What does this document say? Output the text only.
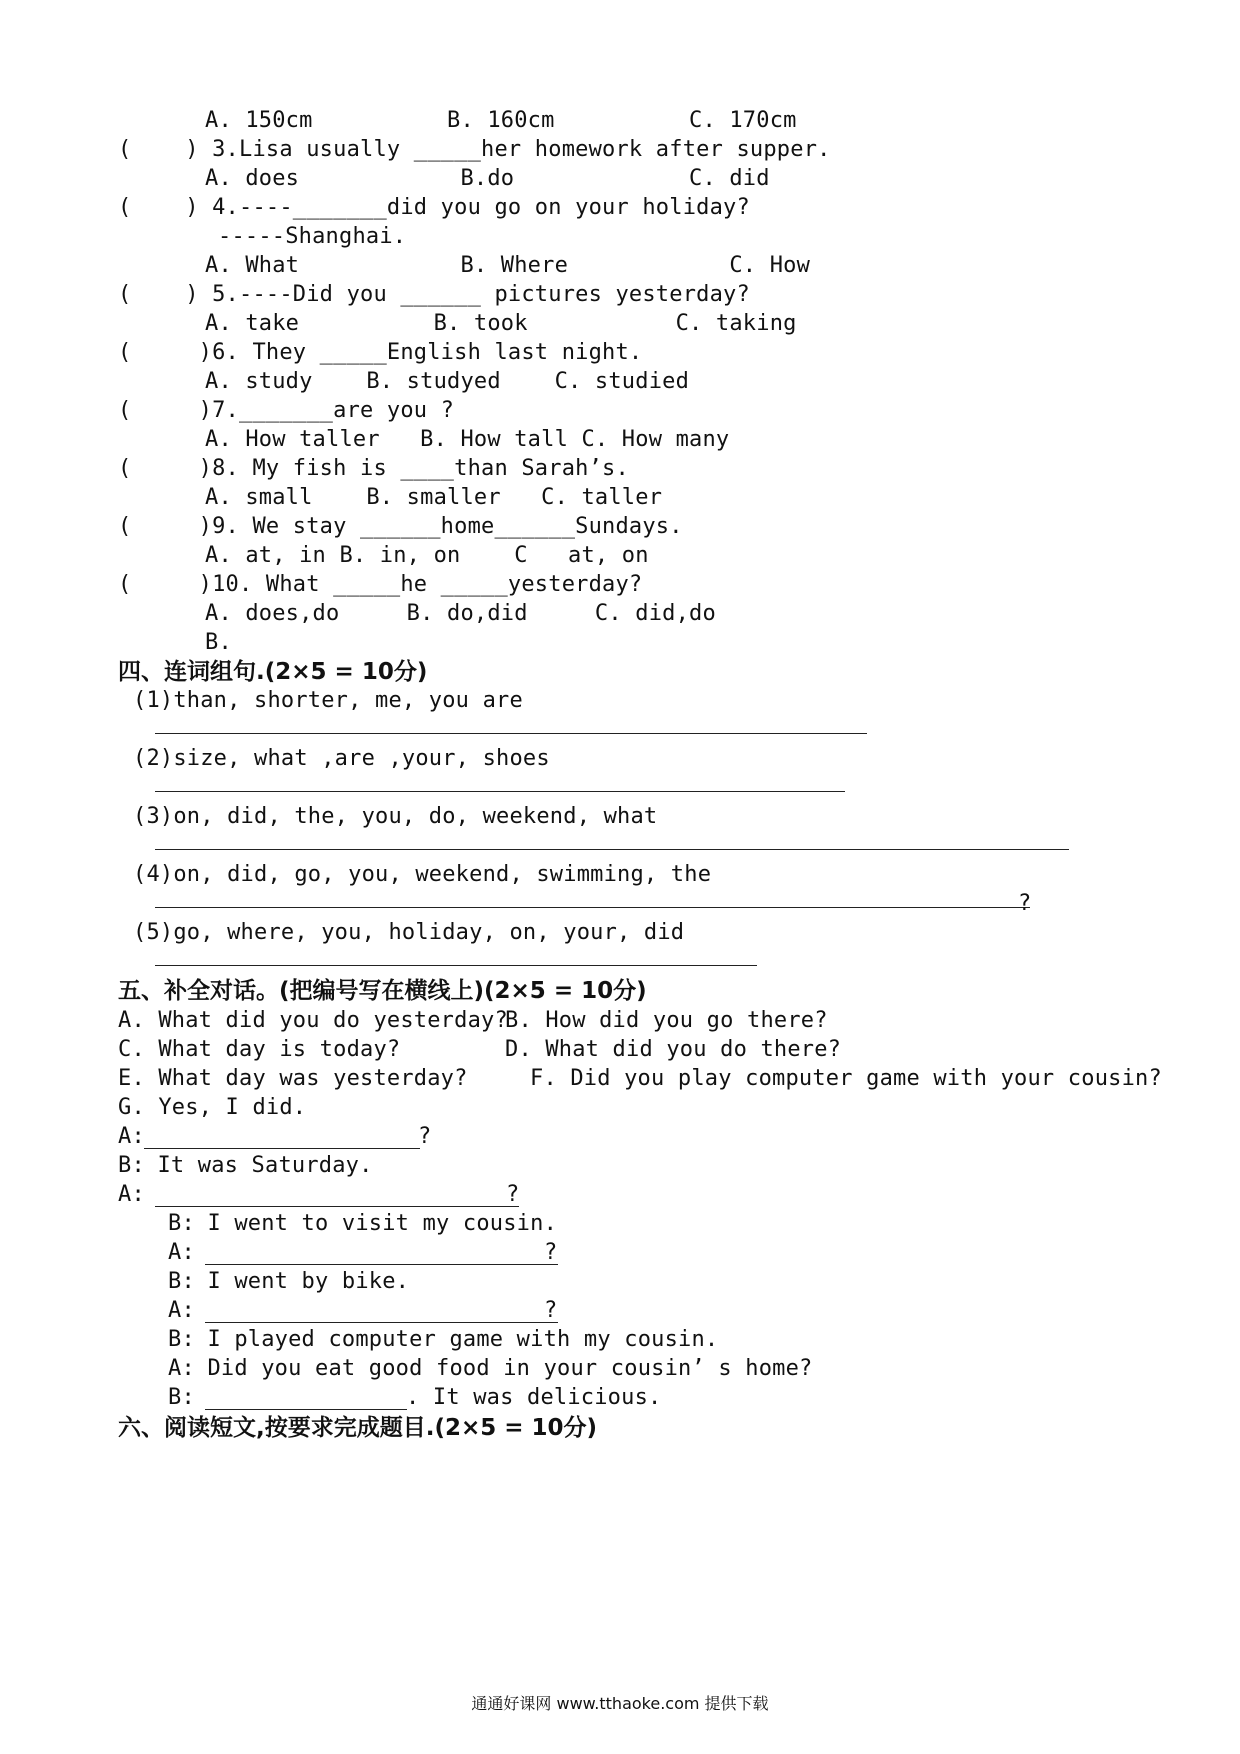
A. 150cm          B. 160cm          C. 170cm
(    ) 3.Lisa usually _____her homework after supper.
A. does            B.do             C. did
(    ) 4.----_______did you go on your holiday?
-----Shanghai.
A. What            B. Where            C. How
(    ) 5.----Did you ______ pictures yesterday?
A. take          B. took           C. taking
(     )6. They _____English last night.
A. study    B. studyed    C. studied
(     )7._______are you ?
A. How taller   B. How tall C. How many
(     )8. My fish is ____than Sarah’s.
A. small    B. smaller   C. taller
(     )9. We stay ______home______Sundays.
A. at, in B. in, on    C   at, on
(     )10. What _____he _____yesterday?
A. does,do     B. do,did     C. did,do
B.
四、连词组句.(2×5 = 10分)
(1)than, shorter, me, you are
(2)size, what ,are ,your, shoes
(3)on, did, the, you, do, weekend, what
(4)on, did, go, you, weekend, swimming, the
?
(5)go, where, you, holiday, on, your, did
五、补全对话。(把编号写在横线上)(2×5 = 10分)
A. What did you do yesterday?
B. How did you go there?
C. What day is today?	D. What did you do there?
E. What day was yesterday?	F. Did you play computer game with your cousin?
G. Yes, I did.
A:	?
B: It was Saturday.
A:	?
B: I went to visit my cousin.
A:	?
B: I went by bike.
A:	?
B: I played computer game with my cousin.
A: Did you eat good food in your cousin’ s home?
B:	. It was delicious.
六、阅读短文,按要求完成题目.(2×5 = 10分)
通通好课网 www.tthaoke.com 提供下载
